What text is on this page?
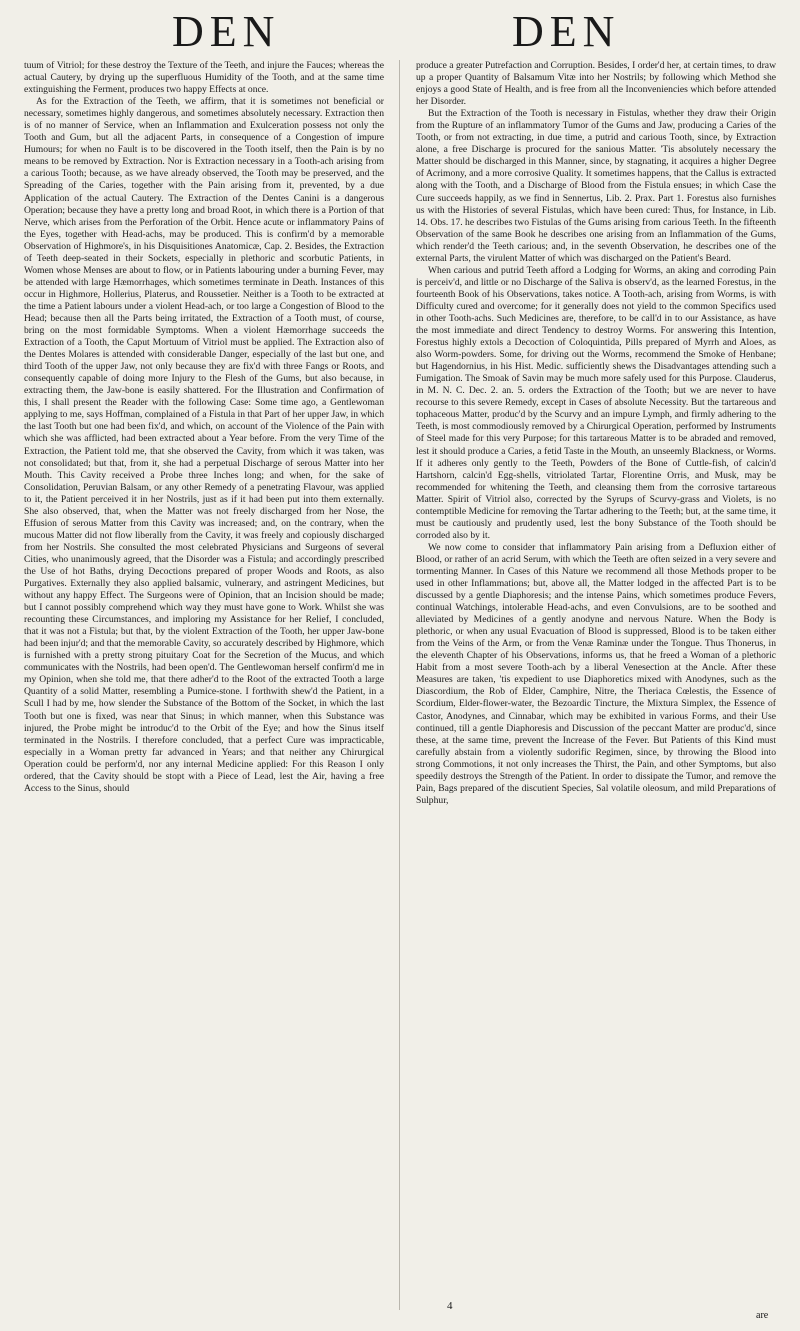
DEN	DEN

tuum of Vitriol; for these destroy the Texture of the Teeth, and injure the Fauces; whereas the actual Cautery, by drying up the superfluous Humidity of the Tooth, and at the same time extinguishing the Ferment, produces two happy Effects at once.

As for the Extraction of the Teeth, we affirm, that it is sometimes not beneficial or necessary, sometimes highly dangerous, and sometimes absolutely necessary. Extraction then is of no manner of Service, when an Inflammation and Exulceration possess not only the Tooth and Gum, but all the adjacent Parts, in consequence of a Congestion of impure Humours; for when no Fault is to be discovered in the Tooth itself, then the Pain is by no means to be removed by Extraction. Nor is Extraction necessary in a Tooth-ach arising from a carious Tooth; because, as we have already observed, the Tooth may be preserved, and the Spreading of the Caries, together with the Pain arising from it, prevented, by a due Application of the actual Cautery. The Extraction of the Dentes Canini is a dangerous Operation; because they have a pretty long and broad Root, in which there is a Portion of that Nerve, which arises from the Perforation of the Orbit. Hence acute or inflammatory Pains of the Eyes, together with Head-achs, may be produced. This is confirm'd by a memorable Observation of Highmore's, in his Disquisitiones Anatomicæ, Cap. 2. Besides, the Extraction of Teeth deep-seated in their Sockets, especially in plethoric and scorbutic Patients, in Women whose Menses are about to flow, or in Patients labouring under a burning Fever, may be attended with large Hæmorrhages, which sometimes terminate in Death. Instances of this occur in Highmore, Hollerius, Platerus, and Roussetier. Neither is a Tooth to be extracted at the time a Patient labours under a violent Head-ach, or too large a Congestion of Blood to the Head; because then all the Parts being irritated, the Extraction of a Tooth must, of course, bring on the most formidable Symptoms. When a violent Hæmorrhage succeeds the Extraction of a Tooth, the Caput Mortuum of Vitriol must be applied. The Extraction also of the Dentes Molares is attended with considerable Danger, especially of the last but one, and third Tooth of the upper Jaw, not only because they are fix'd with three Fangs or Roots, and consequently capable of doing more Injury to the Flesh of the Gums, but also because, in extracting them, the Jaw-bone is easily shattered. For the Illustration and Confirmation of this, I shall present the Reader with the following Case: Some time ago, a Gentlewoman applying to me, says Hoffman, complained of a Fistula in that Part of her upper Jaw, in which the last Tooth but one had been fix'd, and which, on account of the Violence of the Pain with which she was afflicted, had been extracted about a Year before. From the very Time of the Extraction, the Patient told me, that she observed the Cavity, from which it was taken, was not consolidated; but that, from it, she had a perpetual Discharge of serous Matter into her Mouth. This Cavity received a Probe three Inches long; and when, for the sake of Consolidation, Peruvian Balsam, or any other Remedy of a penetrating Flavour, was applied to it, the Patient perceived it in her Nostrils, just as if it had been put into them externally. She also observed, that, when the Matter was not freely discharged from her Nose, the Effusion of serous Matter from this Cavity was increased; and, on the contrary, when the mucous Matter did not flow liberally from the Cavity, it was freely and copiously discharged from her Nostrils. She consulted the most celebrated Physicians and Surgeons of several Cities, who unanimously agreed, that the Disorder was a Fistula; and accordingly prescribed the Use of hot Baths, drying Decoctions prepared of proper Woods and Roots, as also Purgatives. Externally they also applied balsamic, vulnerary, and astringent Medicines, but without any happy Effect. The Surgeons were of Opinion, that an Incision should be made; but I cannot possibly comprehend which way they must have gone to Work. Whilst she was recounting these Circumstances, and imploring my Assistance for her Relief, I concluded, that it was not a Fistula; but that, by the violent Extraction of the Tooth, her upper Jaw-bone had been injur'd; and that the memorable Cavity, so accurately described by Highmore, which is furnished with a pretty strong pituitary Coat for the Secretion of the Mucus, and which communicates with the Nostrils, had been open'd. The Gentlewoman herself confirm'd me in my Opinion, when she told me, that there adher'd to the Root of the extracted Tooth a large Quantity of a solid Matter, resembling a Pumice-stone. I forthwith shew'd the Patient, in a Scull I had by me, how slender the Substance of the Bottom of the Socket, in which the last Tooth but one is fixed, was near that Sinus; in which manner, when this Substance was injured, the Probe might be introduc'd to the Orbit of the Eye; and how the Sinus itself terminated in the Nostrils. I therefore concluded, that a perfect Cure was impracticable, especially in a Woman pretty far advanced in Years; and that neither any Chirurgical Operation could be perform'd, nor any internal Medicine applied: For this Reason I only ordered, that the Cavity should be stopt with a Piece of Lead, lest the Air, having a free Access to the Sinus, should

produce a greater Putrefaction and Corruption. Besides, I order'd her, at certain times, to draw up a proper Quantity of Balsamum Vitæ into her Nostrils; by following which Method she enjoys a good State of Health, and is free from all the Inconveniencies which before attended her Disorder.

But the Extraction of the Tooth is necessary in Fistulas, whether they draw their Origin from the Rupture of an inflammatory Tumor of the Gums and Jaw, producing a Caries of the Tooth, or from not extracting, in due time, a putrid and carious Tooth, since, by Extraction alone, a free Discharge is procured for the sanious Matter. 'Tis absolutely necessary the Matter should be discharged in this Manner, since, by stagnating, it acquires a higher Degree of Acrimony, and a more corrosive Quality. It sometimes happens, that the Callus is extracted along with the Tooth, and a Discharge of Blood from the Fistula ensues; in which Case the Cure succeeds happily, as we find in Sennertus, Lib. 2. Prax. Part 1. Forestus also furnishes us with the Histories of several Fistulas, which have been cured: Thus, for Instance, in Lib. 14. Obs. 17. he describes two Fistulas of the Gums arising from carious Teeth. In the fifteenth Observation of the same Book he describes one arising from an Inflammation of the Gums, which render'd the Teeth carious; and, in the seventh Observation, he describes one of the external Parts, the virulent Matter of which was discharged on the Patient's Beard.

When carious and putrid Teeth afford a Lodging for Worms, an aking and corroding Pain is perceiv'd, and little or no Discharge of the Saliva is observ'd, as the learned Forestus, in the fourteenth Book of his Observations, takes notice. A Tooth-ach, arising from Worms, is with Difficulty cured and overcome; for it generally does not yield to the common Specifics used in other Tooth-achs. Such Medicines are, therefore, to be call'd in to our Assistance, as have the most immediate and direct Tendency to destroy Worms. For answering this Intention, Forestus highly extols a Decoction of Coloquintida, Pills prepared of Myrrh and Aloes, as also Worm-powders. Some, for driving out the Worms, recommend the Smoke of Henbane; but Hagendornius, in his Hist. Medic. sufficiently shews the Disadvantages attending such a Fumigation. The Smoak of Savin may be much more safely used for this Purpose. Clauderus, in M. N. C. Dec. 2. an. 5. orders the Extraction of the Tooth; but we are never to have recourse to this severe Remedy, except in Cases of absolute Necessity. But the tartareous and tophaceous Matter, produc'd by the Scurvy and an impure Lymph, and firmly adhering to the Teeth, is most commodiously removed by a Chirurgical Operation, performed by Instruments of Steel made for this very Purpose; for this tartareous Matter is to be abraded and removed, lest it should produce a Caries, a fetid Taste in the Mouth, an unseemly Blackness, or Worms. If it adheres only gently to the Teeth, Powders of the Bone of Cuttle-fish, of calcin'd Hartshorn, calcin'd Egg-shells, vitriolated Tartar, Florentine Orris, and Musk, may be recommended for whitening the Teeth, and cleansing them from the corrosive tartareous Matter. Spirit of Vitriol also, corrected by the Syrups of Scurvy-grass and Violets, is no contemptible Medicine for removing the Tartar adhering to the Teeth; but, at the same time, it must be cautiously and prudently used, lest the bony Substance of the Tooth should be corroded also by it.

We now come to consider that inflammatory Pain arising from a Defluxion either of Blood, or rather of an acrid Serum, with which the Teeth are often seized in a very severe and tormenting Manner. In Cases of this Nature we recommend all those Methods proper to be used in other Inflammations; but, above all, the Matter lodged in the affected Part is to be discussed by a gentle Diaphoresis; and the intense Pains, which sometimes produce Fevers, continual Watchings, intolerable Head-achs, and even Convulsions, are to be soothed and alleviated by Medicines of a gently anodyne and nervous Nature. When the Body is plethoric, or when any usual Evacuation of Blood is suppressed, Blood is to be taken either from the Veins of the Arm, or from the Venæ Raminæ under the Tongue. Thus Thonerus, in the eleventh Chapter of his Observations, informs us, that he freed a Woman of a plethoric Habit from a most severe Tooth-ach by a liberal Venesection at the Ancle. After these Measures are taken, 'tis expedient to use Diaphoretics mixed with Anodynes, such as the Diascordium, the Rob of Elder, Camphire, Nitre, the Theriaca Cœlestis, the Essence of Scordium, Elder-flower-water, the Bezoardic Tincture, the Mixtura Simplex, the Essence of Castor, Anodynes, and Cinnabar, which may be exhibited in various Forms, and their Use continued, till a gentle Diaphoresis and Discussion of the peccant Matter are produc'd, since these, at the same time, prevent the Increase of the Fever. But Patients of this Kind must carefully abstain from a violently sudorific Regimen, since, by throwing the Blood into strong Commotions, it not only increases the Thirst, the Pain, and other Symptoms, but also speedily destroys the Strength of the Patient. In order to dissipate the Tumor, and remove the Pain, Bags prepared of the discutient Species, Sal volatile oleosum, and mild Preparations of Sulphur,

4
are
